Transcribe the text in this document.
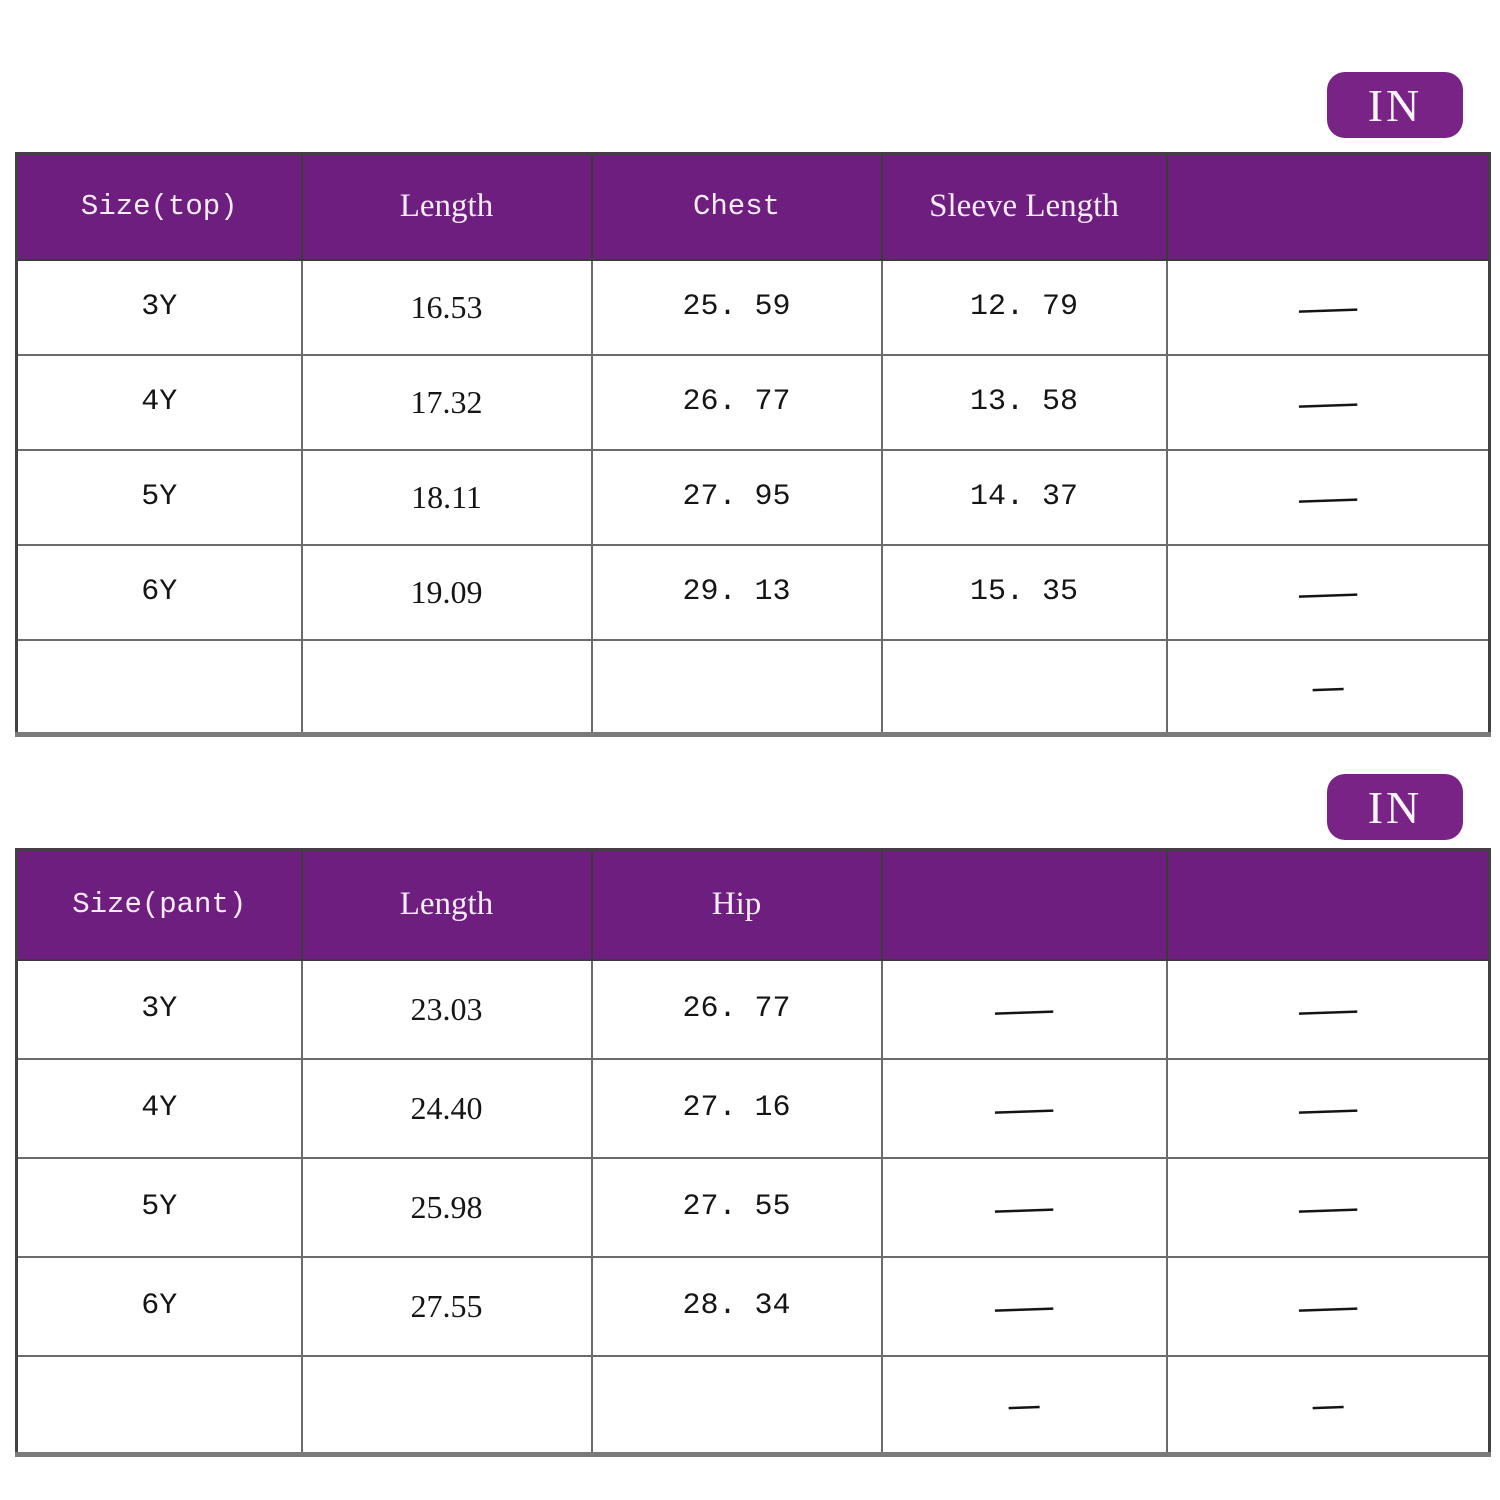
IN
Size(top)	Length	Chest	Sleeve Length	
3Y	16.53	25. 59	12. 79	—
4Y	17.32	26. 77	13. 58	—
5Y	18.11	27. 95	14. 37	—
6Y	19.09	29. 13	15. 35	—
				—
IN
Size(pant)	Length	Hip		
3Y	23.03	26. 77	—	—
4Y	24.40	27. 16	—	—
5Y	25.98	27. 55	—	—
6Y	27.55	28. 34	—	—
			—	—
